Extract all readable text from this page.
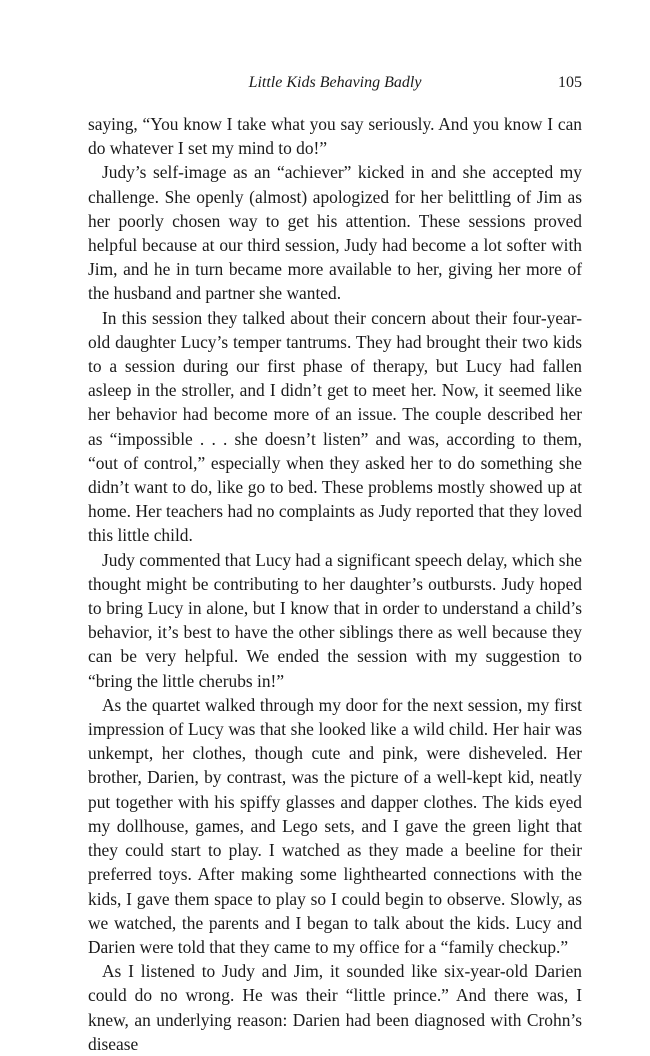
Little Kids Behaving Badly	105

saying, “You know I take what you say seriously. And you know I can do whatever I set my mind to do!”

Judy’s self-image as an “achiever” kicked in and she accepted my challenge. She openly (almost) apologized for her belittling of Jim as her poorly chosen way to get his attention. These sessions proved helpful because at our third session, Judy had become a lot softer with Jim, and he in turn became more available to her, giving her more of the husband and partner she wanted.

In this session they talked about their concern about their four-year-old daughter Lucy’s temper tantrums. They had brought their two kids to a session during our first phase of therapy, but Lucy had fallen asleep in the stroller, and I didn’t get to meet her. Now, it seemed like her behavior had become more of an issue. The couple described her as “impossible . . . she doesn’t listen” and was, according to them, “out of control,” especially when they asked her to do something she didn’t want to do, like go to bed. These problems mostly showed up at home. Her teachers had no complaints as Judy reported that they loved this little child.

Judy commented that Lucy had a significant speech delay, which she thought might be contributing to her daughter’s outbursts. Judy hoped to bring Lucy in alone, but I know that in order to understand a child’s behavior, it’s best to have the other siblings there as well because they can be very helpful. We ended the session with my suggestion to “bring the little cherubs in!”

As the quartet walked through my door for the next session, my first impression of Lucy was that she looked like a wild child. Her hair was unkempt, her clothes, though cute and pink, were disheveled. Her brother, Darien, by contrast, was the picture of a well-kept kid, neatly put together with his spiffy glasses and dapper clothes. The kids eyed my dollhouse, games, and Lego sets, and I gave the green light that they could start to play. I watched as they made a beeline for their preferred toys. After making some lighthearted connections with the kids, I gave them space to play so I could begin to observe. Slowly, as we watched, the parents and I began to talk about the kids. Lucy and Darien were told that they came to my office for a “family checkup.”

As I listened to Judy and Jim, it sounded like six-year-old Darien could do no wrong. He was their “little prince.” And there was, I knew, an underlying reason: Darien had been diagnosed with Crohn’s disease
